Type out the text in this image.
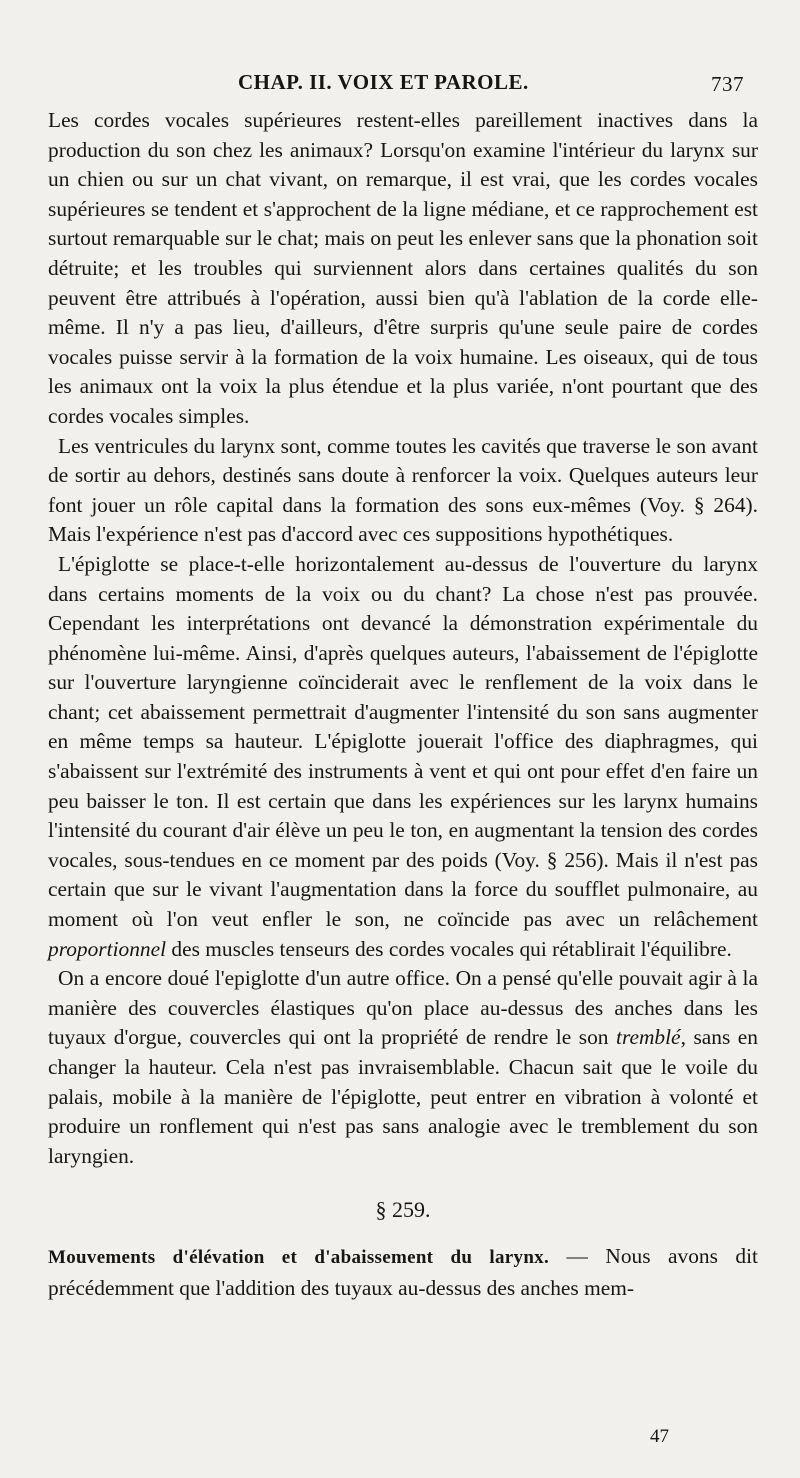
CHAP. II. VOIX ET PAROLE.	737

Les cordes vocales supérieures restent-elles pareillement inactives dans la production du son chez les animaux? Lorsqu'on examine l'intérieur du larynx sur un chien ou sur un chat vivant, on remarque, il est vrai, que les cordes vocales supérieures se tendent et s'approchent de la ligne médiane, et ce rapprochement est surtout remarquable sur le chat; mais on peut les enlever sans que la phonation soit détruite; et les troubles qui surviennent alors dans certaines qualités du son peuvent être attribués à l'opération, aussi bien qu'à l'ablation de la corde elle-même. Il n'y a pas lieu, d'ailleurs, d'être surpris qu'une seule paire de cordes vocales puisse servir à la formation de la voix humaine. Les oiseaux, qui de tous les animaux ont la voix la plus étendue et la plus variée, n'ont pourtant que des cordes vocales simples.

Les ventricules du larynx sont, comme toutes les cavités que traverse le son avant de sortir au dehors, destinés sans doute à renforcer la voix. Quelques auteurs leur font jouer un rôle capital dans la formation des sons eux-mêmes (Voy. § 264). Mais l'expérience n'est pas d'accord avec ces suppositions hypothétiques.

L'épiglotte se place-t-elle horizontalement au-dessus de l'ouverture du larynx dans certains moments de la voix ou du chant? La chose n'est pas prouvée. Cependant les interprétations ont devancé la démonstration expérimentale du phénomène lui-même. Ainsi, d'après quelques auteurs, l'abaissement de l'épiglotte sur l'ouverture laryngienne coïnciderait avec le renflement de la voix dans le chant; cet abaissement permettrait d'augmenter l'intensité du son sans augmenter en même temps sa hauteur. L'épiglotte jouerait l'office des diaphragmes, qui s'abaissent sur l'extrémité des instruments à vent et qui ont pour effet d'en faire un peu baisser le ton. Il est certain que dans les expériences sur les larynx humains l'intensité du courant d'air élève un peu le ton, en augmentant la tension des cordes vocales, sous-tendues en ce moment par des poids (Voy. § 256). Mais il n'est pas certain que sur le vivant l'augmentation dans la force du soufflet pulmonaire, au moment où l'on veut enfler le son, ne coïncide pas avec un relâchement proportionnel des muscles tenseurs des cordes vocales qui rétablirait l'équilibre.

On a encore doué l'epiglotte d'un autre office. On a pensé qu'elle pouvait agir à la manière des couvercles élastiques qu'on place au-dessus des anches dans les tuyaux d'orgue, couvercles qui ont la propriété de rendre le son tremblé, sans en changer la hauteur. Cela n'est pas invraisemblable. Chacun sait que le voile du palais, mobile à la manière de l'épiglotte, peut entrer en vibration à volonté et produire un ronflement qui n'est pas sans analogie avec le tremblement du son laryngien.

§ 259.

Mouvements d'élévation et d'abaissement du larynx. — Nous avons dit précédemment que l'addition des tuyaux au-dessus des anches mem-

47
